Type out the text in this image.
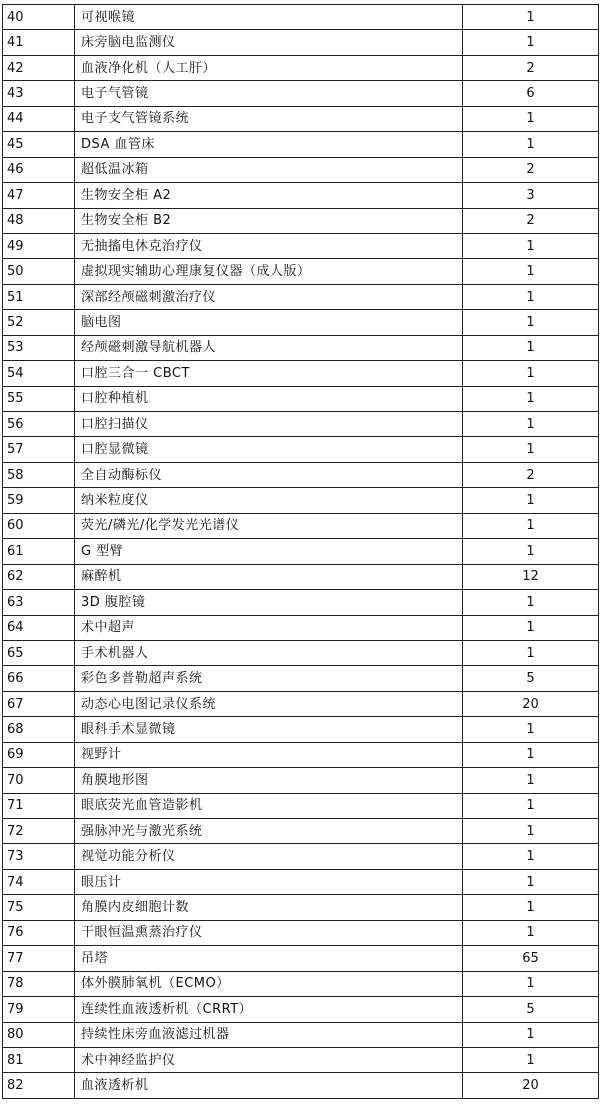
40	可视喉镜	1
41	床旁脑电监测仪	1
42	血液净化机（人工肝）	2
43	电子气管镜	6
44	电子支气管镜系统	1
45	DSA 血管床	1
46	超低温冰箱	2
47	生物安全柜 A2	3
48	生物安全柜 B2	2
49	无抽搐电休克治疗仪	1
50	虚拟现实辅助心理康复仪器（成人版）	1
51	深部经颅磁刺激治疗仪	1
52	脑电图	1
53	经颅磁刺激导航机器人	1
54	口腔三合一 CBCT	1
55	口腔种植机	1
56	口腔扫描仪	1
57	口腔显微镜	1
58	全自动酶标仪	2
59	纳米粒度仪	1
60	荧光/磷光/化学发光光谱仪	1
61	G 型臂	1
62	麻醉机	12
63	3D 腹腔镜	1
64	术中超声	1
65	手术机器人	1
66	彩色多普勒超声系统	5
67	动态心电图记录仪系统	20
68	眼科手术显微镜	1
69	视野计	1
70	角膜地形图	1
71	眼底荧光血管造影机	1
72	强脉冲光与激光系统	1
73	视觉功能分析仪	1
74	眼压计	1
75	角膜内皮细胞计数	1
76	干眼恒温熏蒸治疗仪	1
77	吊塔	65
78	体外膜肺氧机（ECMO）	1
79	连续性血液透析机（CRRT）	5
80	持续性床旁血液滤过机器	1
81	术中神经监护仪	1
82	血液透析机	20
